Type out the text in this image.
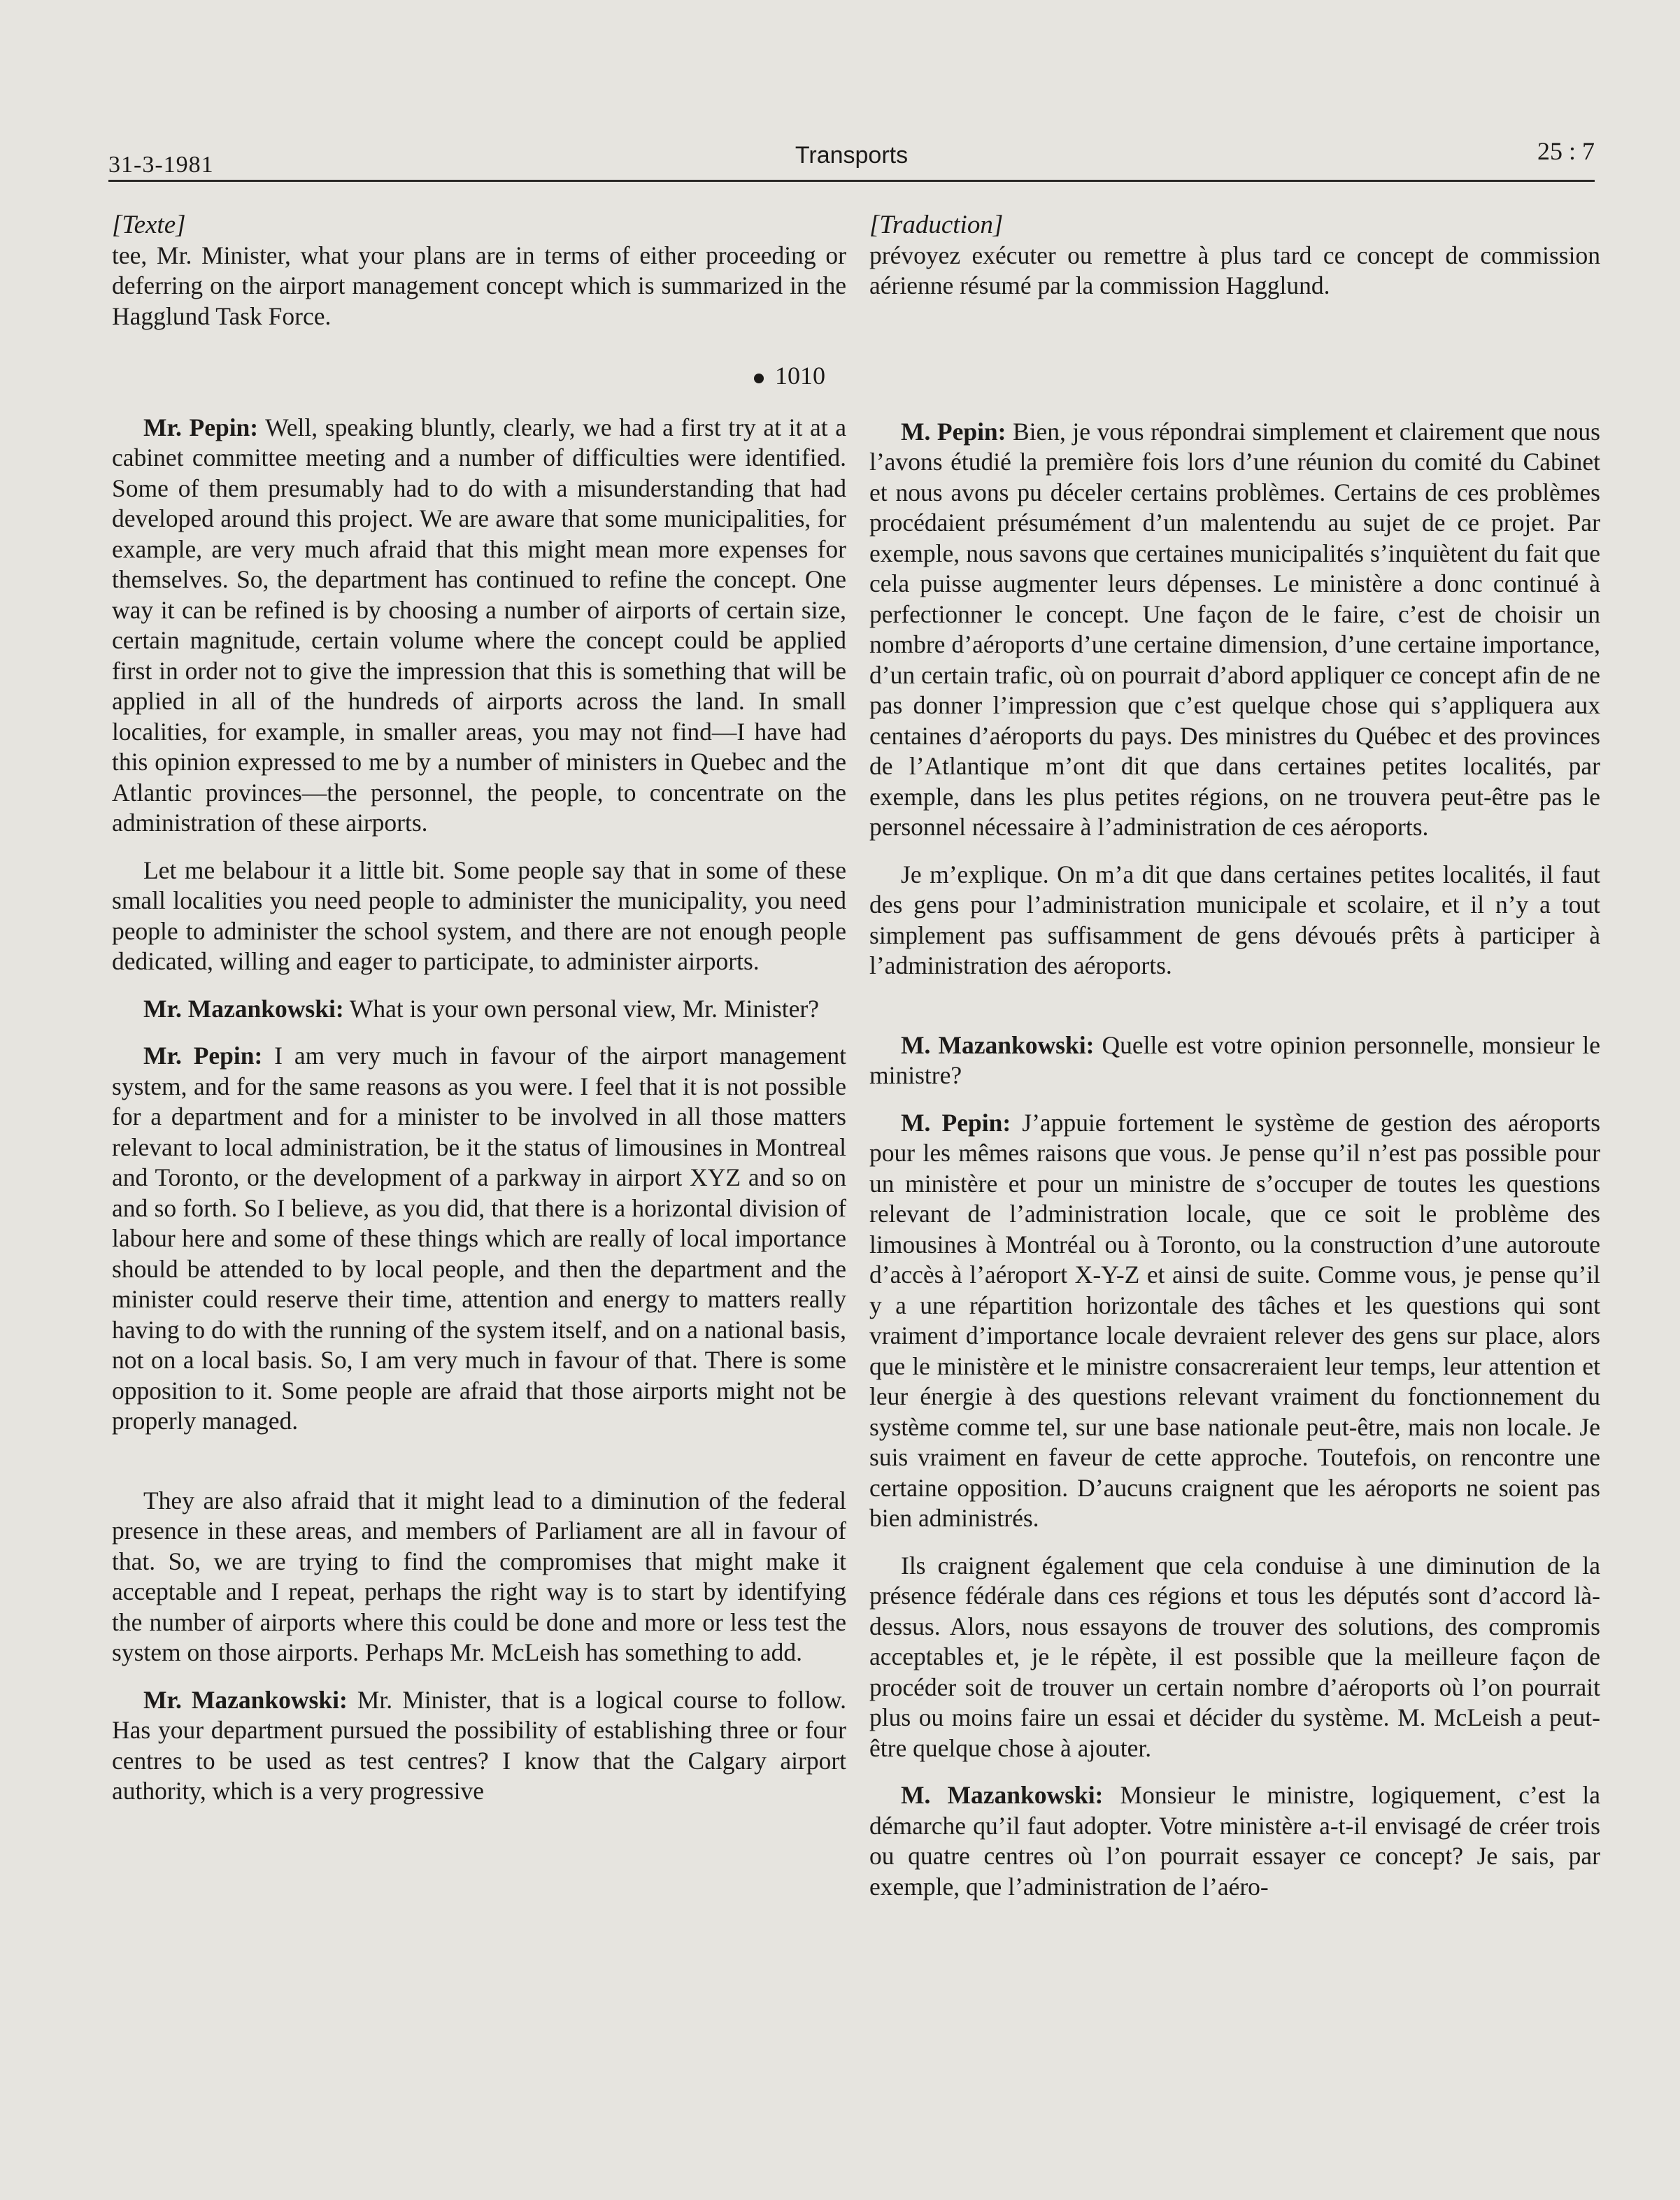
31-3-1981	Transports	25 : 7

[Texte]

tee, Mr. Minister, what your plans are in terms of either proceeding or deferring on the airport management concept which is summarized in the Hagglund Task Force.

1010

Mr. Pepin: Well, speaking bluntly, clearly, we had a first try at it at a cabinet committee meeting and a number of difficulties were identified. Some of them presumably had to do with a misunderstanding that had developed around this project. We are aware that some municipalities, for example, are very much afraid that this might mean more expenses for themselves. So, the department has continued to refine the concept. One way it can be refined is by choosing a number of airports of certain size, certain magnitude, certain volume where the concept could be applied first in order not to give the impression that this is something that will be applied in all of the hundreds of airports across the land. In small localities, for example, in smaller areas, you may not find—I have had this opinion expressed to me by a number of ministers in Quebec and the Atlantic provinces—the personnel, the people, to concentrate on the administration of these airports.

Let me belabour it a little bit. Some people say that in some of these small localities you need people to administer the municipality, you need people to administer the school system, and there are not enough people dedicated, willing and eager to participate, to administer airports.

Mr. Mazankowski: What is your own personal view, Mr. Minister?

Mr. Pepin: I am very much in favour of the airport management system, and for the same reasons as you were. I feel that it is not possible for a department and for a minister to be involved in all those matters relevant to local administration, be it the status of limousines in Montreal and Toronto, or the development of a parkway in airport XYZ and so on and so forth. So I believe, as you did, that there is a horizontal division of labour here and some of these things which are really of local importance should be attended to by local people, and then the department and the minister could reserve their time, attention and energy to matters really having to do with the running of the system itself, and on a national basis, not on a local basis. So, I am very much in favour of that. There is some opposition to it. Some people are afraid that those airports might not be properly managed.

They are also afraid that it might lead to a diminution of the federal presence in these areas, and members of Parliament are all in favour of that. So, we are trying to find the compromises that might make it acceptable and I repeat, perhaps the right way is to start by identifying the number of airports where this could be done and more or less test the system on those airports. Perhaps Mr. McLeish has something to add.

Mr. Mazankowski: Mr. Minister, that is a logical course to follow. Has your department pursued the possibility of establishing three or four centres to be used as test centres? I know that the Calgary airport authority, which is a very progressive

[Traduction]

prévoyez exécuter ou remettre à plus tard ce concept de commission aérienne résumé par la commission Hagglund.

M. Pepin: Bien, je vous répondrai simplement et clairement que nous l’avons étudié la première fois lors d’une réunion du comité du Cabinet et nous avons pu déceler certains problèmes. Certains de ces problèmes procédaient présumément d’un malentendu au sujet de ce projet. Par exemple, nous savons que certaines municipalités s’inquiètent du fait que cela puisse augmenter leurs dépenses. Le ministère a donc continué à perfectionner le concept. Une façon de le faire, c’est de choisir un nombre d’aéroports d’une certaine dimension, d’une certaine importance, d’un certain trafic, où on pourrait d’abord appliquer ce concept afin de ne pas donner l’impression que c’est quelque chose qui s’appliquera aux centaines d’aéroports du pays. Des ministres du Québec et des provinces de l’Atlantique m’ont dit que dans certaines petites localités, par exemple, dans les plus petites régions, on ne trouvera peut-être pas le personnel nécessaire à l’administration de ces aéroports.

Je m’explique. On m’a dit que dans certaines petites localités, il faut des gens pour l’administration municipale et scolaire, et il n’y a tout simplement pas suffisamment de gens dévoués prêts à participer à l’administration des aéroports.

M. Mazankowski: Quelle est votre opinion personnelle, monsieur le ministre?

M. Pepin: J’appuie fortement le système de gestion des aéroports pour les mêmes raisons que vous. Je pense qu’il n’est pas possible pour un ministère et pour un ministre de s’occuper de toutes les questions relevant de l’administration locale, que ce soit le problème des limousines à Montréal ou à Toronto, ou la construction d’une autoroute d’accès à l’aéroport X-Y-Z et ainsi de suite. Comme vous, je pense qu’il y a une répartition horizontale des tâches et les questions qui sont vraiment d’importance locale devraient relever des gens sur place, alors que le ministère et le ministre consacreraient leur temps, leur attention et leur énergie à des questions relevant vraiment du fonctionnement du système comme tel, sur une base nationale peut-être, mais non locale. Je suis vraiment en faveur de cette approche. Toutefois, on rencontre une certaine opposition. D’aucuns craignent que les aéroports ne soient pas bien administrés.

Ils craignent également que cela conduise à une diminution de la présence fédérale dans ces régions et tous les députés sont d’accord là-dessus. Alors, nous essayons de trouver des solutions, des compromis acceptables et, je le répète, il est possible que la meilleure façon de procéder soit de trouver un certain nombre d’aéroports où l’on pourrait plus ou moins faire un essai et décider du système. M. McLeish a peut-être quelque chose à ajouter.

M. Mazankowski: Monsieur le ministre, logiquement, c’est la démarche qu’il faut adopter. Votre ministère a-t-il envisagé de créer trois ou quatre centres où l’on pourrait essayer ce concept? Je sais, par exemple, que l’administration de l’aéro-
